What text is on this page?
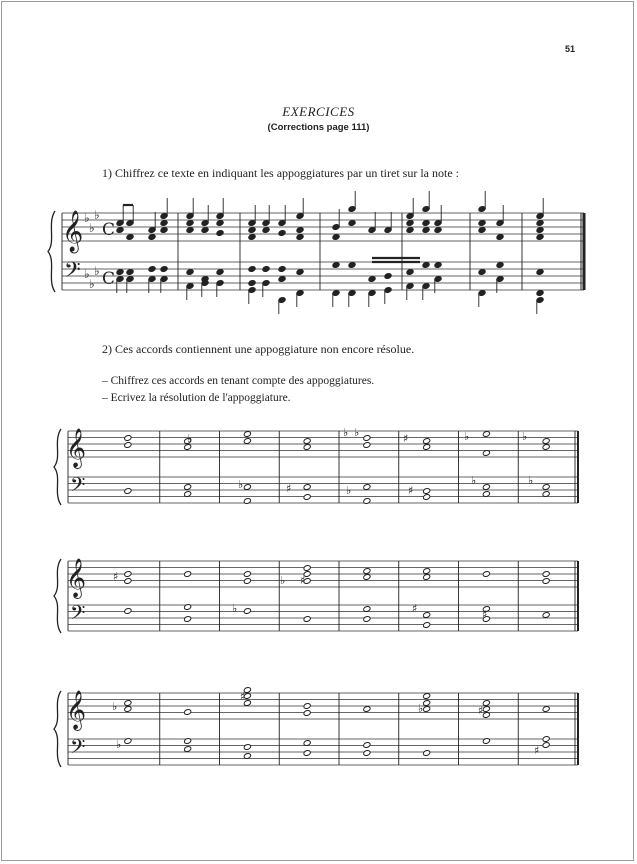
51
EXERCICES
(Corrections page 111)
1) Chiffrez ce texte en indiquant les appoggiatures par un tiret sur la note :
𝄞
𝄢
♭
♭
♭
♭
♭
♭
C
C
2) Ces accords contiennent une appoggiature non encore résolue.
– Chiffrez ces accords en tenant compte des appoggiatures.
– Ecrivez la résolution de l'appoggiature.
𝄞
𝄢
𝄞
𝄢
𝄞
𝄢
♭	♭ ♭	♯	♭	♭
♭	♯	♭	♯
♭	♭
♯
♭
♭ ♯
♯	♯
♭
♯
♭	♯
♯
♭
